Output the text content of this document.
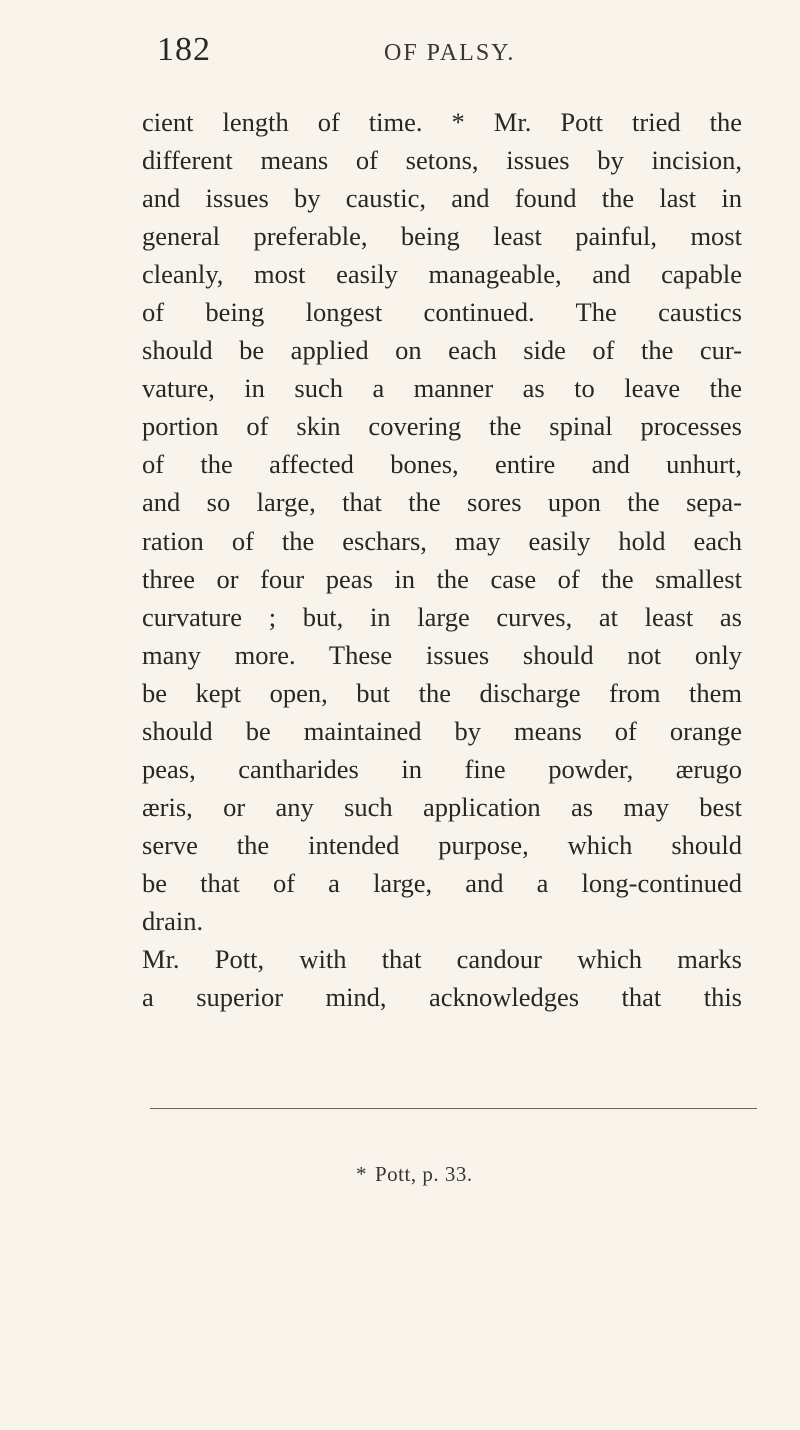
182	OF PALSY.
cient length of time. * Mr. Pott tried the
different means of setons, issues by incision,
and issues by caustic, and found the last in
general preferable, being least painful, most
cleanly, most easily manageable, and capable
of being longest continued. The caustics
should be applied on each side of the cur-
vature, in such a manner as to leave the
portion of skin covering the spinal processes
of the affected bones, entire and unhurt,
and so large, that the sores upon the sepa-
ration of the eschars, may easily hold each
three or four peas in the case of the smallest
curvature ; but, in large curves, at least as
many more. These issues should not only
be kept open, but the discharge from them
should be maintained by means of orange
peas, cantharides in fine powder, ærugo
æris, or any such application as may best
serve the intended purpose, which should
be that of a large, and a long-continued
drain.
Mr. Pott, with that candour which marks
a superior mind, acknowledges that this
* Pott, p. 33.
